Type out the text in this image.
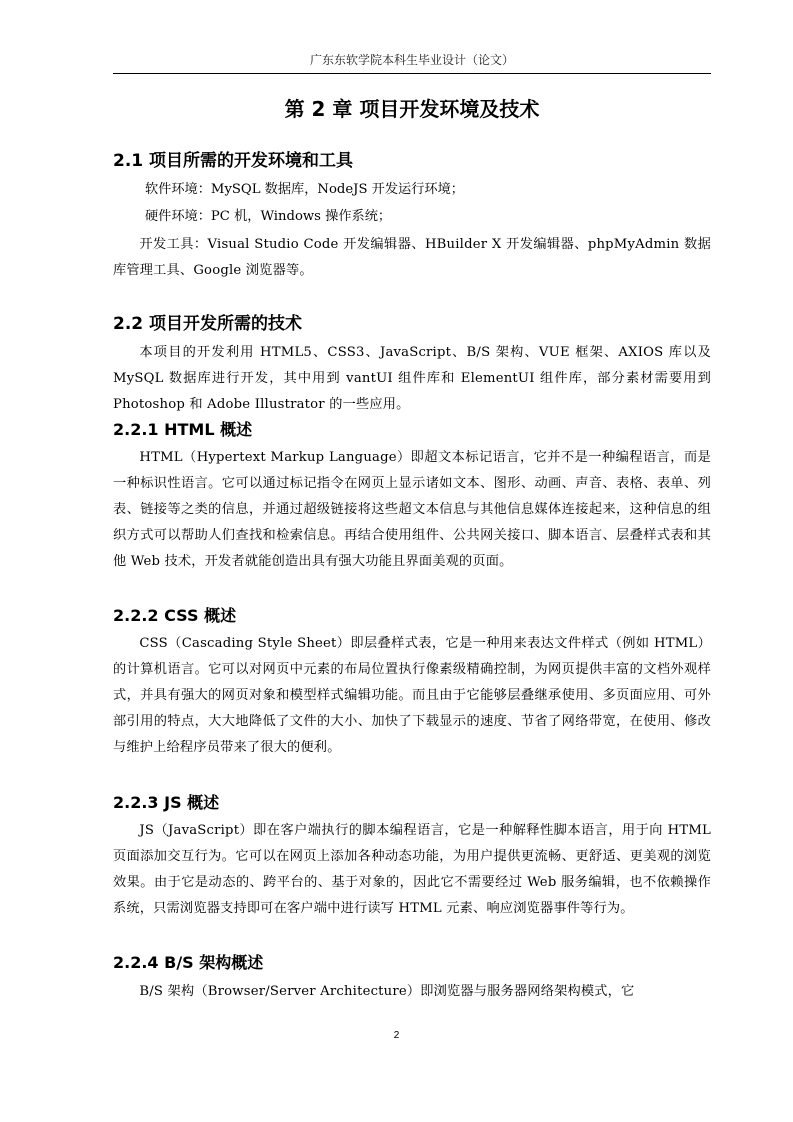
广东东软学院本科生毕业设计（论文）
第 2 章 项目开发环境及技术
2.1 项目所需的开发环境和工具

软件环境：MySQL 数据库，NodeJS 开发运行环境；

硬件环境：PC 机，Windows 操作系统；

开发工具：Visual Studio Code 开发编辑器、HBuilder X 开发编辑器、phpMyAdmin 数据库管理工具、Google 浏览器等。

2.2 项目开发所需的技术

本项目的开发利用 HTML5、CSS3、JavaScript、B/S 架构、VUE 框架、AXIOS 库以及 MySQL 数据库进行开发，其中用到 vantUI 组件库和 ElementUI 组件库，部分素材需要用到 Photoshop 和 Adobe Illustrator 的一些应用。

2.2.1 HTML 概述

HTML（Hypertext Markup Language）即超文本标记语言，它并不是一种编程语言，而是一种标识性语言。它可以通过标记指令在网页上显示诸如文本、图形、动画、声音、表格、表单、列表、链接等之类的信息，并通过超级链接将这些超文本信息与其他信息媒体连接起来，这种信息的组织方式可以帮助人们查找和检索信息。再结合使用组件、公共网关接口、脚本语言、层叠样式表和其他 Web 技术，开发者就能创造出具有强大功能且界面美观的页面。

2.2.2 CSS 概述

CSS（Cascading Style Sheet）即层叠样式表，它是一种用来表达文件样式（例如 HTML）的计算机语言。它可以对网页中元素的布局位置执行像素级精确控制，为网页提供丰富的文档外观样式，并具有强大的网页对象和模型样式编辑功能。而且由于它能够层叠继承使用、多页面应用、可外部引用的特点，大大地降低了文件的大小、加快了下载显示的速度、节省了网络带宽，在使用、修改与维护上给程序员带来了很大的便利。

2.2.3 JS 概述

JS（JavaScript）即在客户端执行的脚本编程语言，它是一种解释性脚本语言，用于向 HTML 页面添加交互行为。它可以在网页上添加各种动态功能，为用户提供更流畅、更舒适、更美观的浏览效果。由于它是动态的、跨平台的、基于对象的，因此它不需要经过 Web 服务编辑，也不依赖操作系统，只需浏览器支持即可在客户端中进行读写 HTML 元素、响应浏览器事件等行为。

2.2.4 B/S 架构概述

B/S 架构（Browser/Server Architecture）即浏览器与服务器网络架构模式，它

2
